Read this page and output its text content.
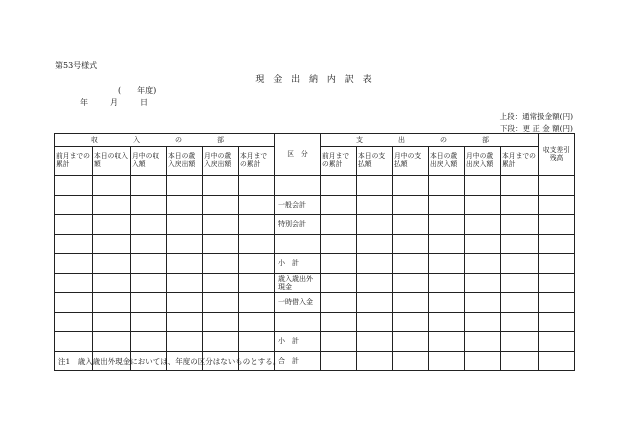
第53号様式
現 金 出 納 内 訳 表
(　　年度)
年	月	日
上段：通常扱金額(円)
下段：更 正 金 額(円)
収　入　の　部						区　分	支　出　の　部						収支差引残高
前月までの累計	本日の収入額	月中の収入額	本日の歳入戻出額	月中の歳入戻出額	本月までの累計		前月までの累計	本日の支払額	月中の支払額	本日の歳出戻入額	月中の歳出戻入額	本月までの累計	

						一般会計							
						特別会計							

						小　計							
						歳入歳出外現金							
						一時借入金							

						小　計							
						合　計							
注1　歳入歳出外現金においては、年度の区分はないものとする。
